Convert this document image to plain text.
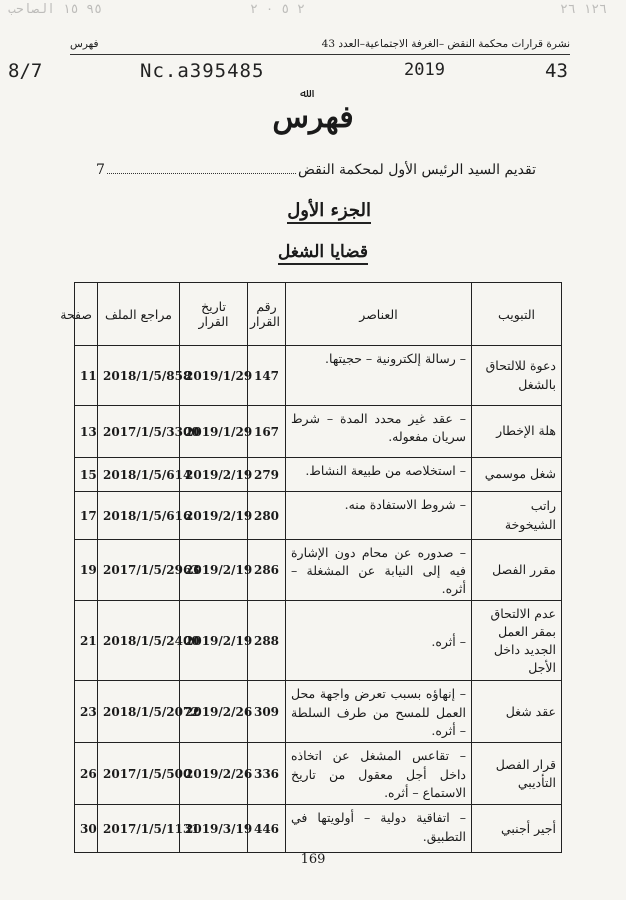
٩٥ ١٥ الصاحب	٢ ٥ ٠ ٢	١٢٦ ٢٦
نشرة قرارات محكمة النقض –الغرفة الاجتماعية–العدد 43
فهرس
8/7	Nc.a395485	2019	43
ﷲ
فهرس
تقديم السيد الرئيس الأول لمحكمة النقض
7
الجزء الأول
قضايا الشغل
التبويب	العناصر	رقم القرار	تاريخ القرار	مراجع الملف	صفحة
دعوة للالتحاق بالشغل	– رسالة إلكترونية – حجيتها.	147	2019/1/29	2018/1/5/858	11
هلة الإخطار	– عقد غير محدد المدة – شرط سريان مفعوله.	167	2019/1/29	2017/1/5/3300	13
شغل موسمي	– استخلاصه من طبيعة النشاط.	279	2019/2/19	2018/1/5/614	15
راتب الشيخوخة	– شروط الاستفادة منه.	280	2019/2/19	2018/1/5/616	17
مقرر الفصل	– صدوره عن محام دون الإشارة فيه إلى النيابة عن المشغلة – أثره.	286	2019/2/19	2017/1/5/2963	19
عدم الالتحاق بمقر العمل الجديد داخل الأجل	– أثره.	288	2019/2/19	2018/1/5/2400	21
عقد شغل	– إنهاؤه بسبب تعرض واجهة محل العمل للمسح من طرف السلطة – أثره.	309	2019/2/26	2018/1/5/2072	23
قرار الفصل التأديبي	– تقاعس المشغل عن اتخاذه داخل أجل معقول من تاريخ الاستماع – أثره.	336	2019/2/26	2017/1/5/500	26
أجير أجنبي	– اتفاقية دولية – أولويتها في التطبيق.	446	2019/3/19	2017/1/5/1131	30
169
